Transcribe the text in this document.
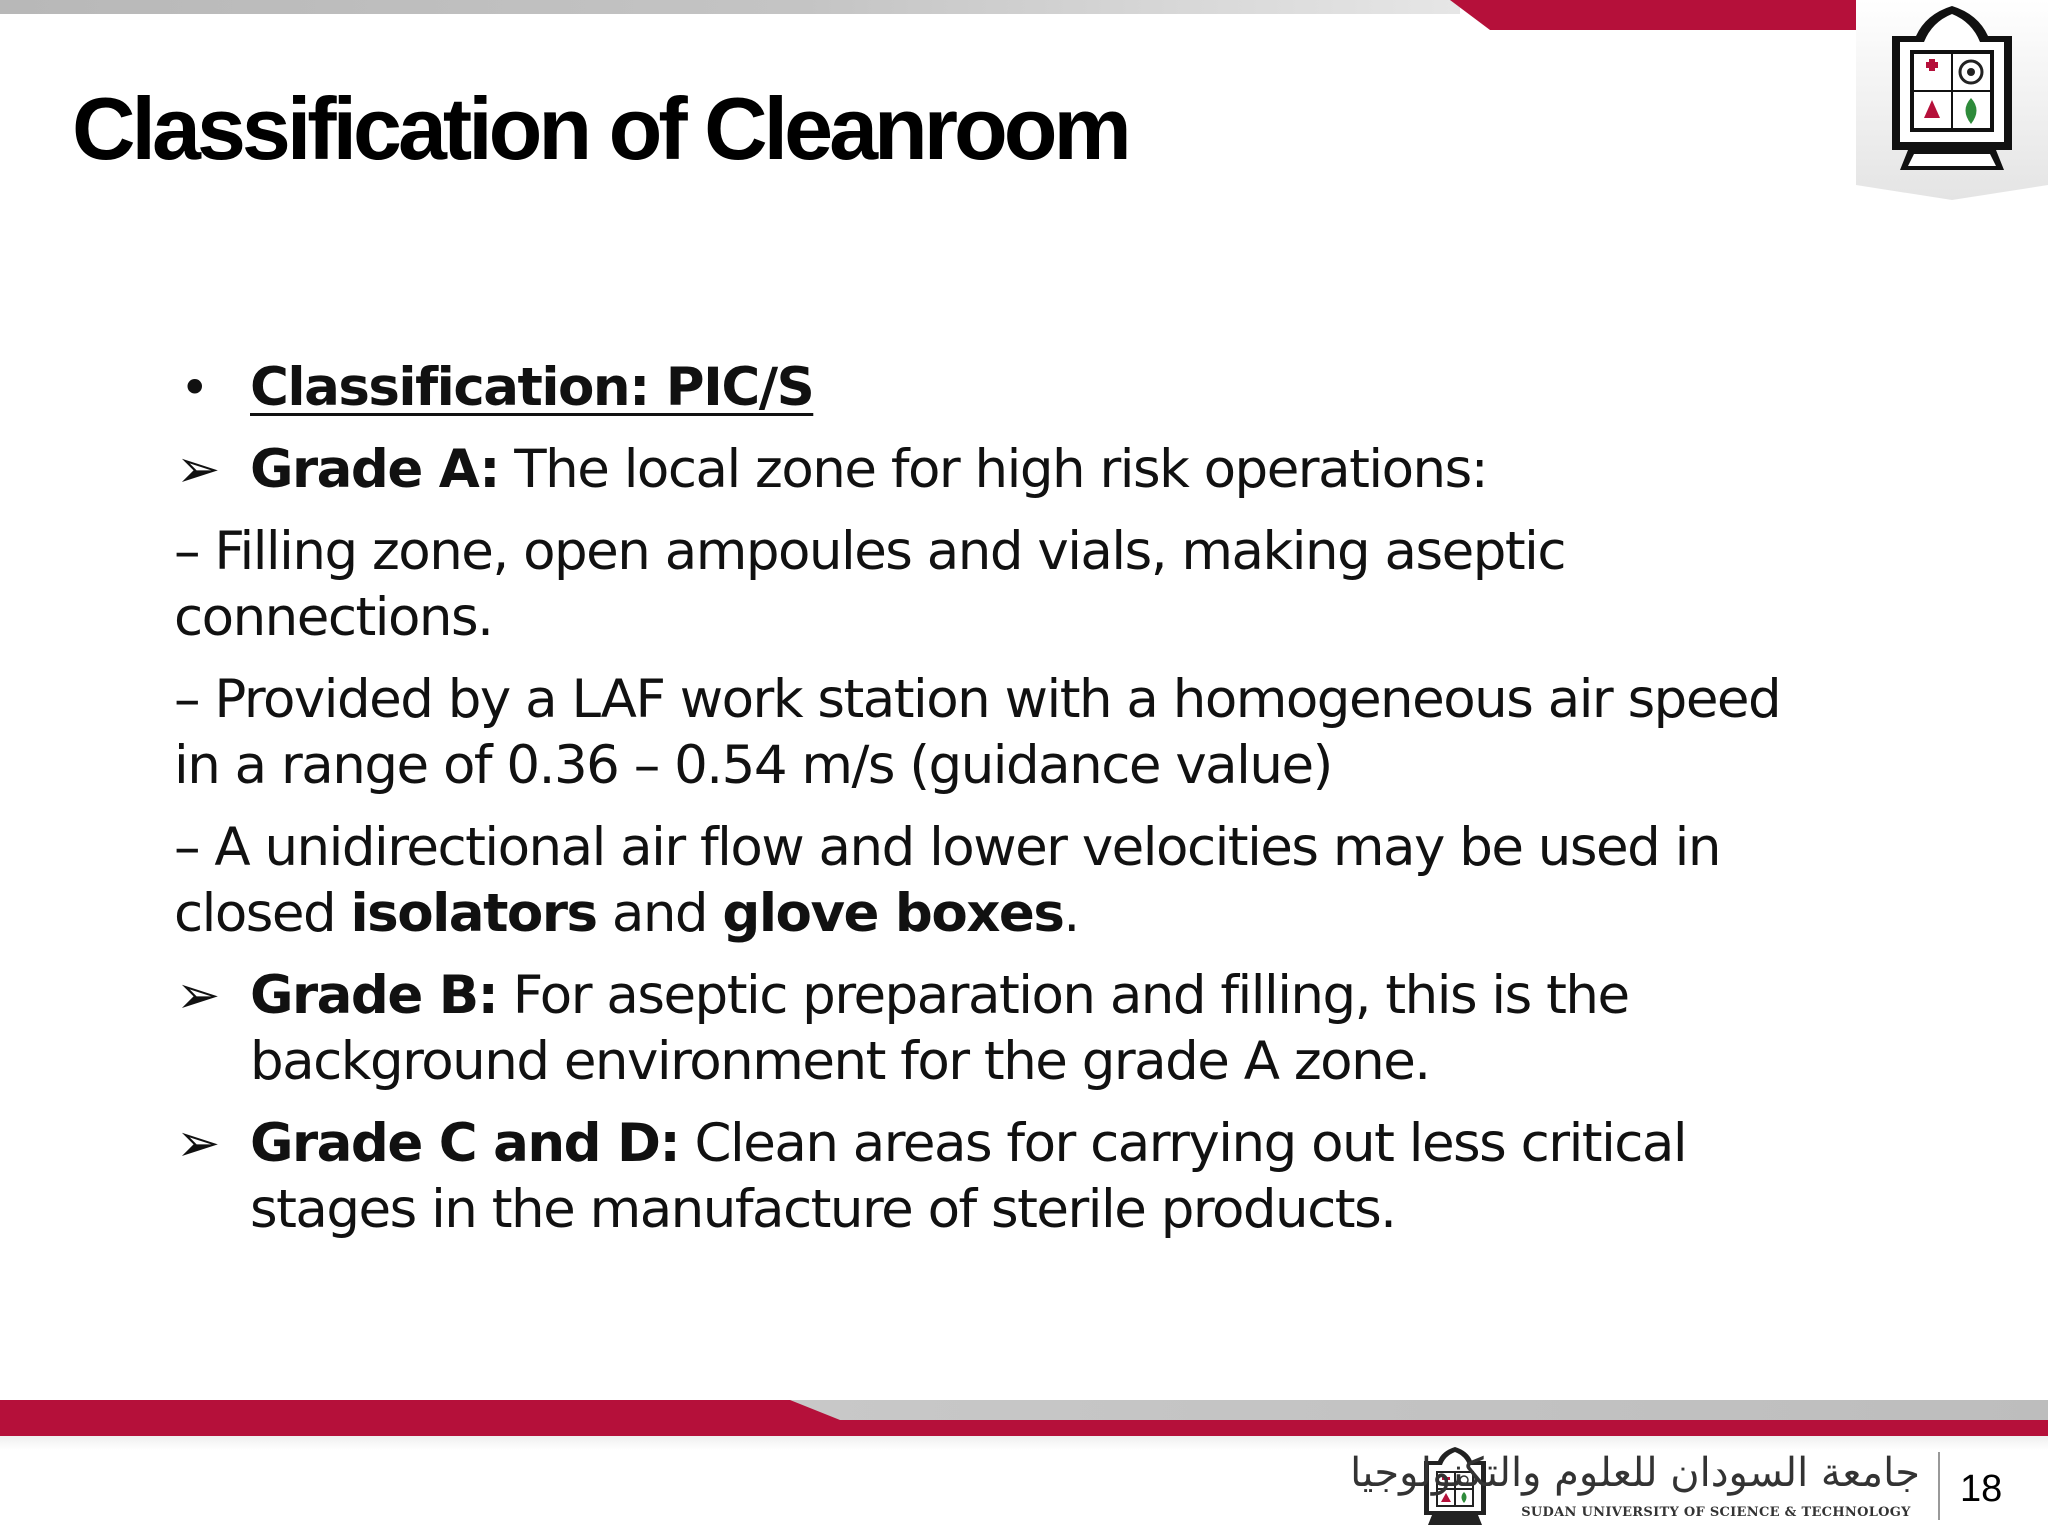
Classification of Cleanroom
• Classification: PIC/S
➢ Grade A: The local zone for high risk operations:
– Filling zone, open ampoules and vials, making aseptic connections.
– Provided by a LAF work station with a homogeneous air speed in a range of 0.36 – 0.54 m/s (guidance value)
– A unidirectional air flow and lower velocities may be used in closed isolators and glove boxes.
➢ Grade B: For aseptic preparation and filling, this is the background environment for the grade A zone.
➢ Grade C and D: Clean areas for carrying out less critical stages in the manufacture of sterile products.
جامعة السودان للعلوم والتكنولوجيا
SUDAN UNIVERSITY OF SCIENCE & TECHNOLOGY
18
